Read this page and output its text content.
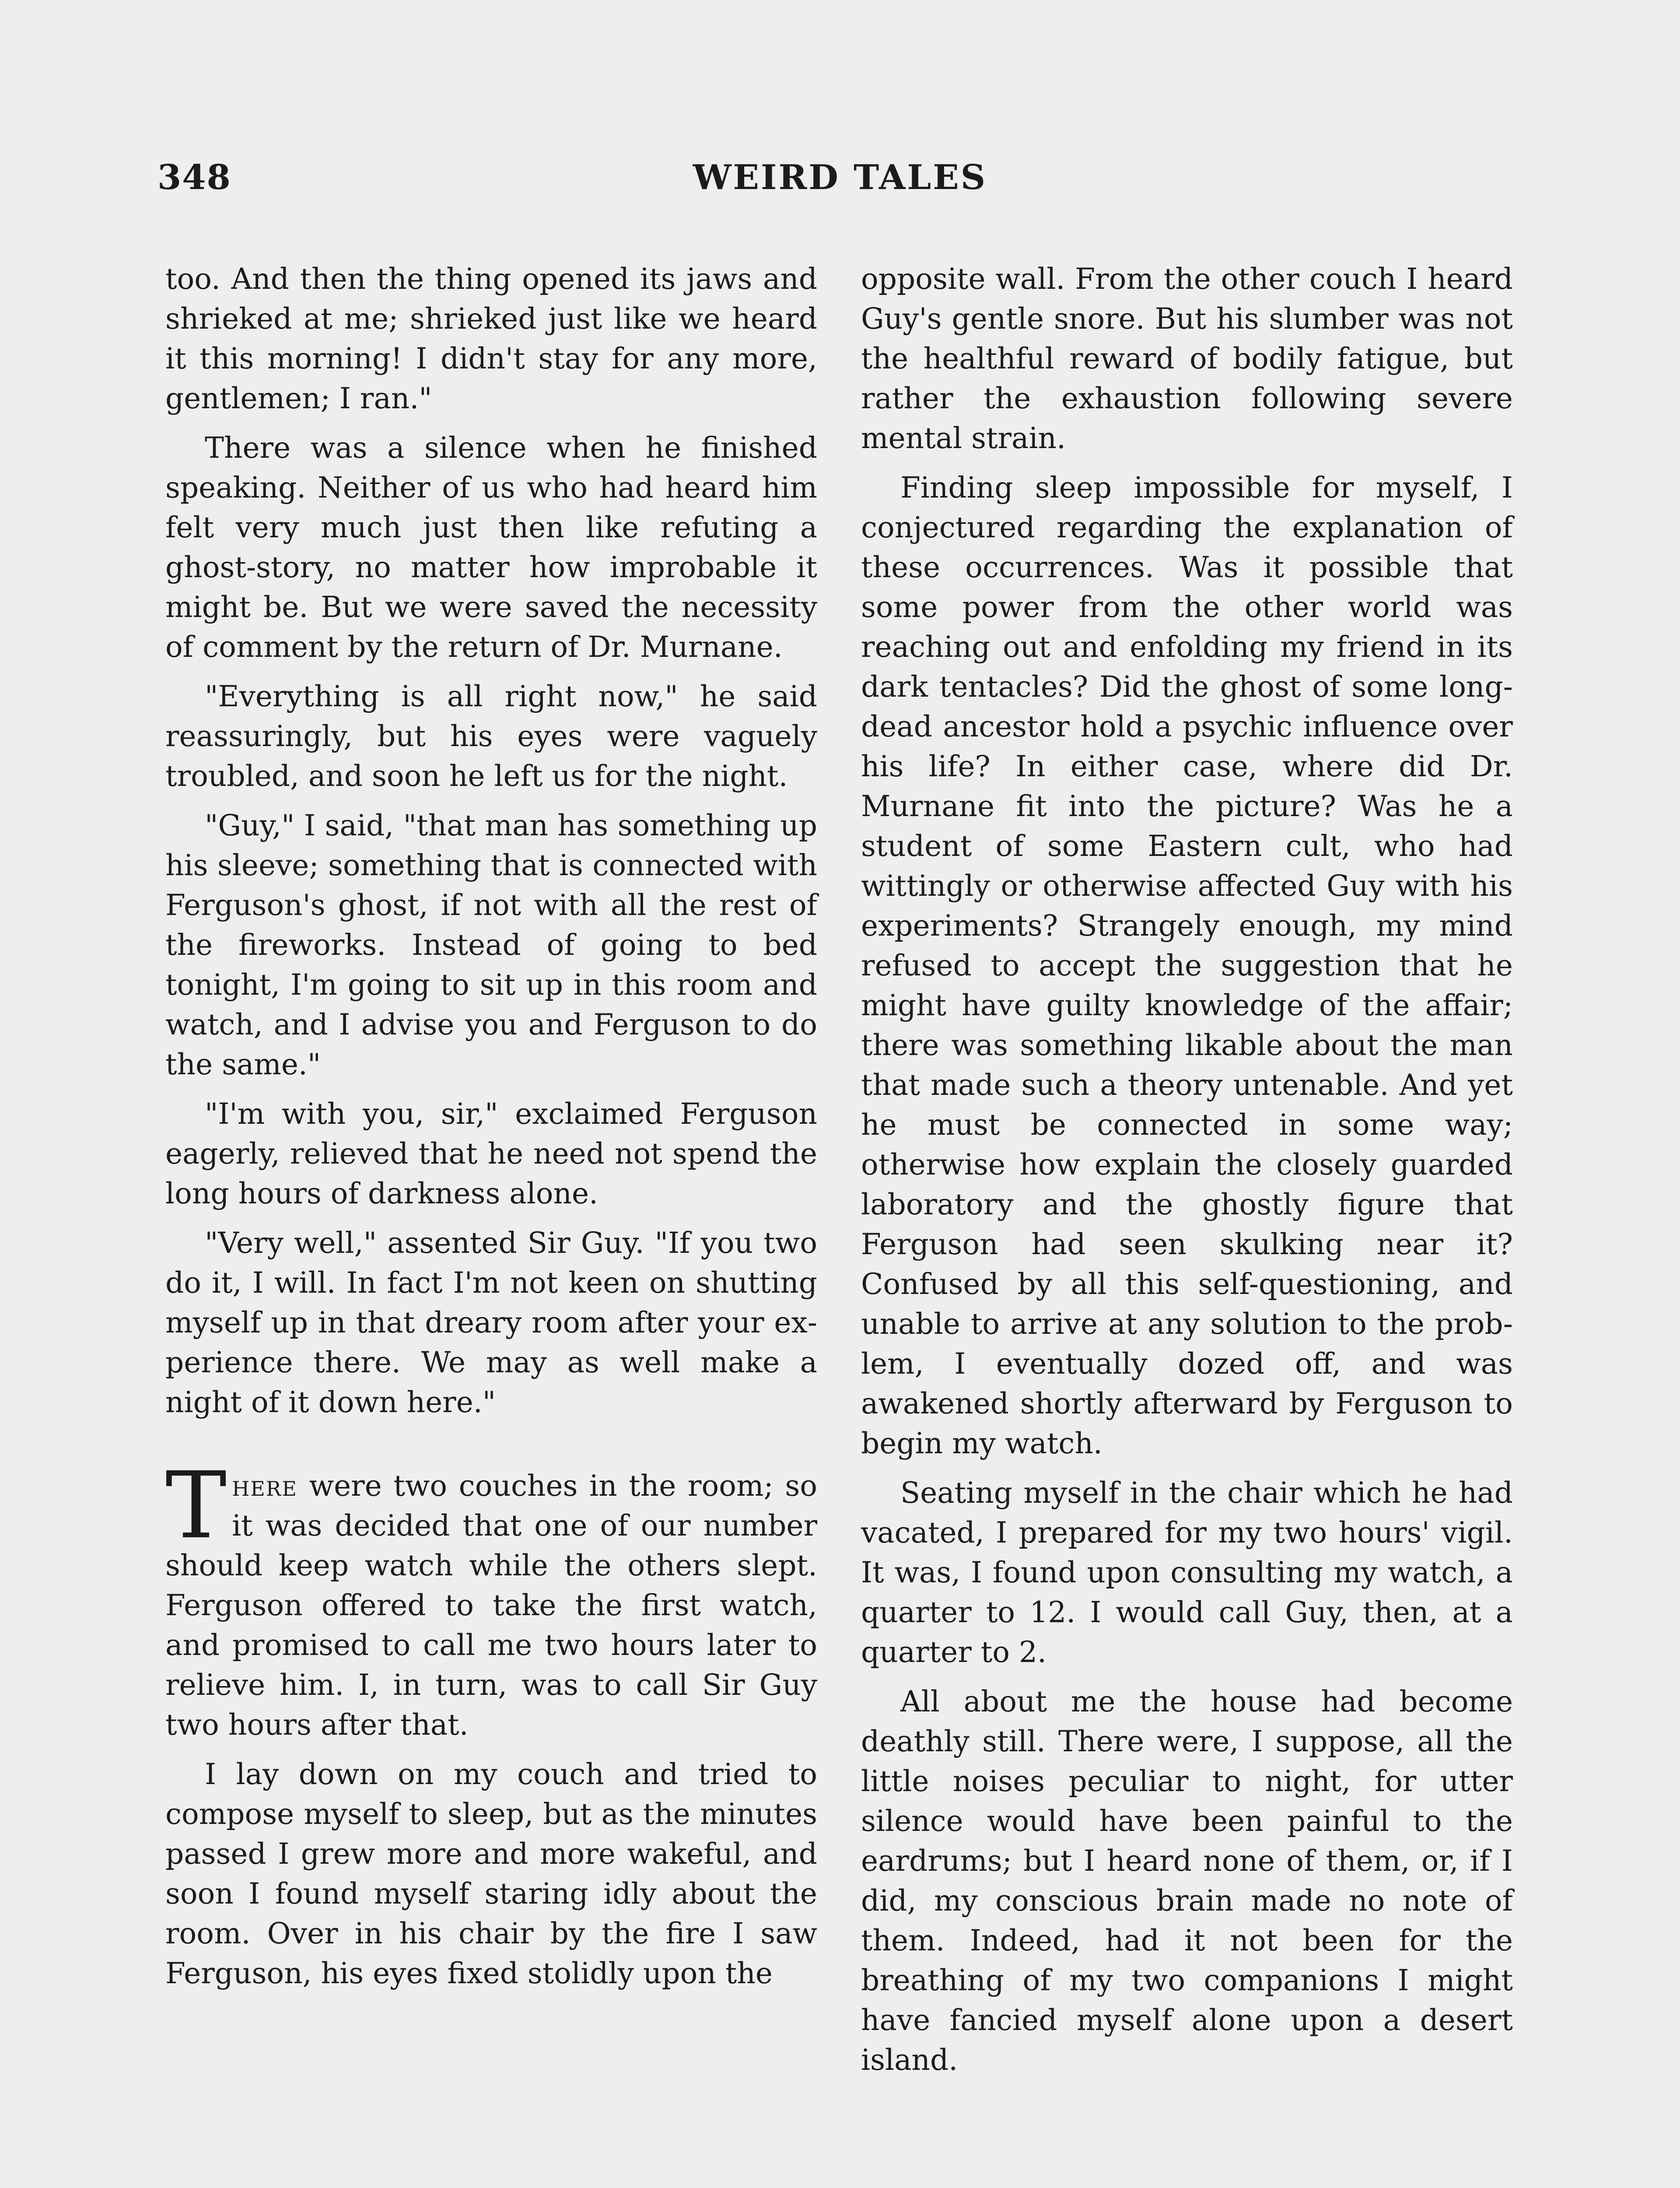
348	WEIRD TALES

too. And then the thing opened its jaws and shrieked at me; shrieked just like we heard it this morning! I didn't stay for any more, gentlemen; I ran."

There was a silence when he finished speaking. Neither of us who had heard him felt very much just then like refuting a ghost-story, no matter how improbable it might be. But we were saved the necessity of comment by the return of Dr. Murnane.

"Everything is all right now," he said reassuringly, but his eyes were vaguely troubled, and soon he left us for the night.

"Guy," I said, "that man has something up his sleeve; something that is connected with Ferguson's ghost, if not with all the rest of the fireworks. Instead of going to bed tonight, I'm going to sit up in this room and watch, and I advise you and Ferguson to do the same."

"I'm with you, sir," exclaimed Ferguson eagerly, relieved that he need not spend the long hours of darkness alone.

"Very well," assented Sir Guy. "If you two do it, I will. In fact I'm not keen on shutting myself up in that dreary room after your experience there. We may as well make a night of it down here."

There were two couches in the room; so it was decided that one of our number should keep watch while the others slept. Ferguson offered to take the first watch, and promised to call me two hours later to relieve him. I, in turn, was to call Sir Guy two hours after that.

I lay down on my couch and tried to compose myself to sleep, but as the minutes passed I grew more and more wakeful, and soon I found myself staring idly about the room. Over in his chair by the fire I saw Ferguson, his eyes fixed stolidly upon the

opposite wall. From the other couch I heard Guy's gentle snore. But his slumber was not the healthful reward of bodily fatigue, but rather the exhaustion following severe mental strain.

Finding sleep impossible for myself, I conjectured regarding the explanation of these occurrences. Was it possible that some power from the other world was reaching out and enfolding my friend in its dark tentacles? Did the ghost of some long-dead ancestor hold a psychic influence over his life? In either case, where did Dr. Murnane fit into the picture? Was he a student of some Eastern cult, who had wittingly or otherwise affected Guy with his experiments? Strangely enough, my mind refused to accept the suggestion that he might have guilty knowledge of the affair; there was something likable about the man that made such a theory untenable. And yet he must be connected in some way; otherwise how explain the closely guarded laboratory and the ghostly figure that Ferguson had seen skulking near it? Confused by all this self-questioning, and unable to arrive at any solution to the problem, I eventually dozed off, and was awakened shortly afterward by Ferguson to begin my watch.

Seating myself in the chair which he had vacated, I prepared for my two hours' vigil. It was, I found upon consulting my watch, a quarter to 12. I would call Guy, then, at a quarter to 2.

All about me the house had become deathly still. There were, I suppose, all the little noises peculiar to night, for utter silence would have been painful to the eardrums; but I heard none of them, or, if I did, my conscious brain made no note of them. Indeed, had it not been for the breathing of my two companions I might have fancied myself alone upon a desert island.
